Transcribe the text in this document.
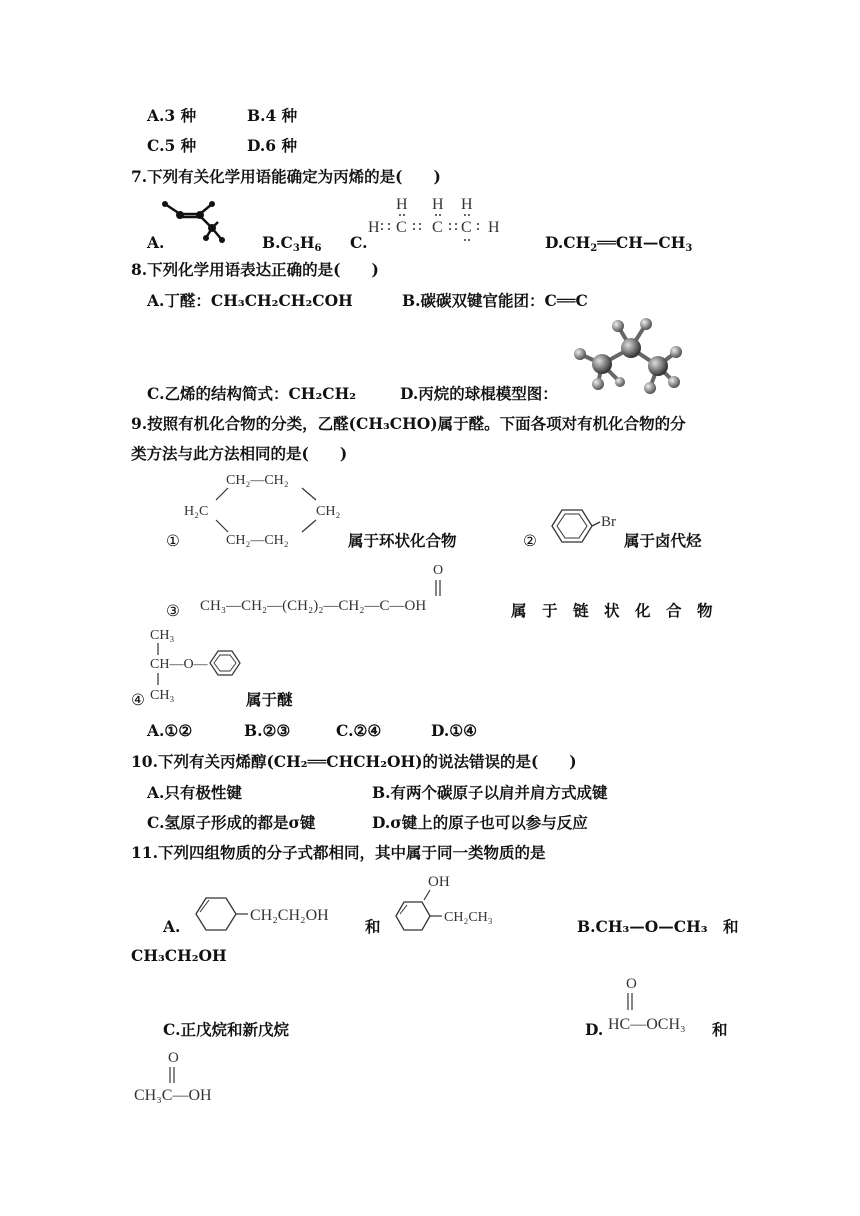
A.3 种	B.4 种
C.5 种	D.6 种
7.下列有关化学用语能确定为丙烯的是(　　)
A.	$B.C_3H_6$ C.
H H H
H C C C H
$D.CH_2══CH—CH_3$
8.下列化学用语表达正确的是(　　)
A.丁醛：CH₃CH₂CH₂COH	B.碳碳双键官能团：C══C
C.乙烯的结构简式：CH₂CH₂	D.丙烷的球棍模型图：
9.按照有机化合物的分类，乙醛(CH₃CHO)属于醛。下面各项对有机化合物的分
类方法与此方法相同的是(　　)
①
CH₂—CH₂
H₂C	CH₂
CH₂—CH₂	属于环状化合物	②
Br
属于卤代烃
③
O
CH₃—CH₂—(CH₂)₂—CH₂—C—OH	属　于　链　状　化　合　物
CH₃
CH—O—
CH₃
④	属于醚
A.①②	B.②③	C.②④	D.①④
10.下列有关丙烯醇(CH₂══CHCH₂OH)的说法错误的是(　　)
A.只有极性键	B.有两个碳原子以肩并肩方式成键
C.氢原子形成的都是σ键	D.σ键上的原子也可以参与反应
11.下列四组物质的分子式都相同，其中属于同一类物质的是
A.
CH₂CH₂OH
和
OH
CH₂CH₃	B.CH₃—O—CH₃　和
CH₃CH₂OH
C.正戊烷和新戊烷	D.
O
HC—OCH₃ 和
O
CH₃C—OH
